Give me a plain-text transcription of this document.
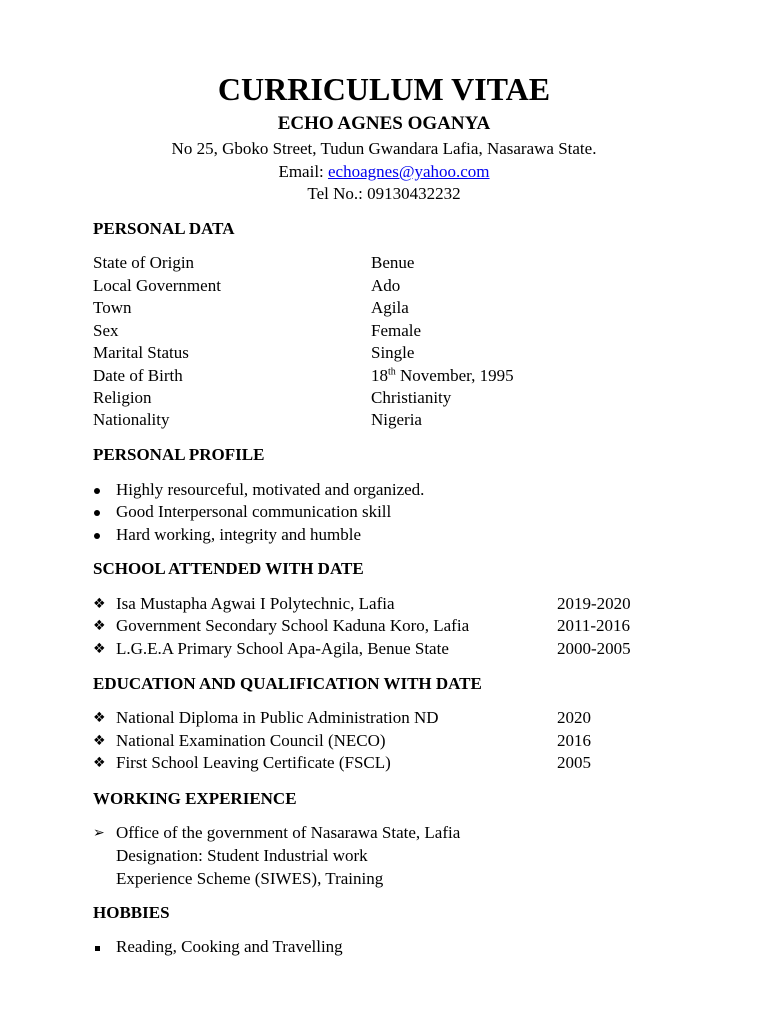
CURRICULUM VITAE
ECHO AGNES OGANYA
No 25, Gboko Street, Tudun Gwandara Lafia, Nasarawa State.
Email: echoagnes@yahoo.com
Tel No.: 09130432232
PERSONAL DATA
State of Origin	Benue
Local Government	Ado
Town	Agila
Sex	Female
Marital Status	Single
Date of Birth	18th November, 1995
Religion	Christianity
Nationality	Nigeria
PERSONAL PROFILE
Highly resourceful, motivated and organized.
Good Interpersonal communication skill
Hard working, integrity and humble
SCHOOL ATTENDED WITH DATE
❖ Isa Mustapha Agwai I Polytechnic, Lafia	2019-2020
❖ Government Secondary School Kaduna Koro, Lafia	2011-2016
❖ L.G.E.A Primary School Apa-Agila, Benue State	2000-2005
EDUCATION AND QUALIFICATION WITH DATE
❖ National Diploma in Public Administration ND	2020
❖ National Examination Council (NECO)	2016
❖ First School Leaving Certificate (FSCL)	2005
WORKING EXPERIENCE
➢ Office of the government of Nasarawa State, Lafia
Designation: Student Industrial work
Experience Scheme (SIWES), Training
HOBBIES
Reading, Cooking and Travelling
